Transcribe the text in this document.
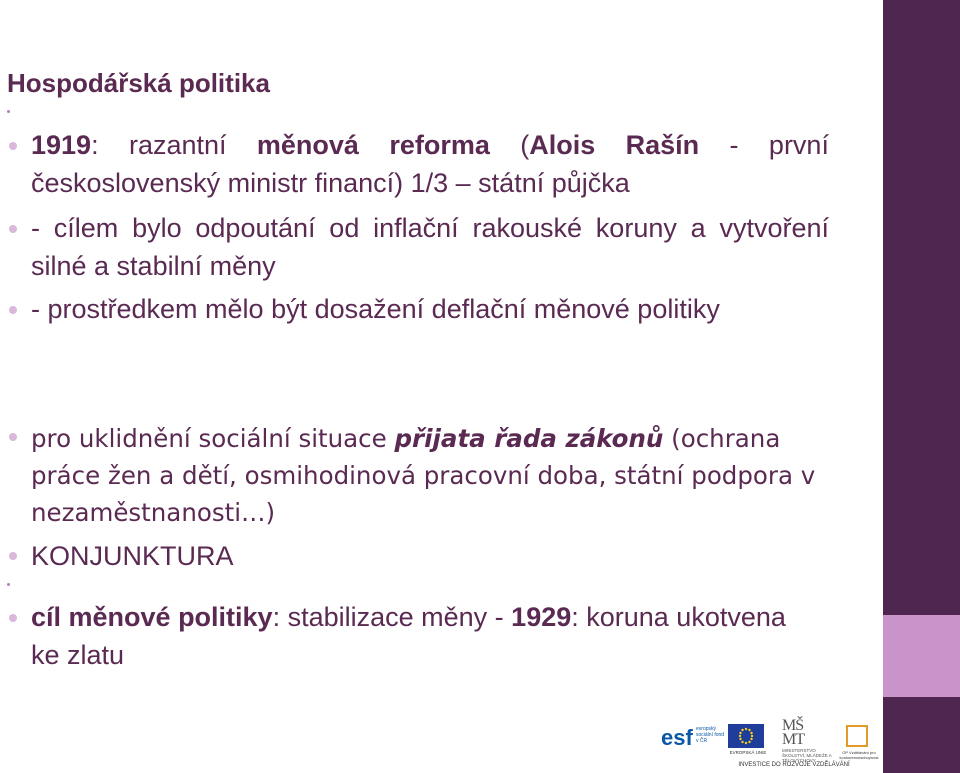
Hospodářská politika
1919: razantní měnová reforma (Alois Rašín - první československý ministr financí) 1/3 – státní půjčka
- cílem bylo odpoutání od inflační rakouské koruny a vytvoření silné a stabilní měny
- prostředkem mělo být dosažení deflační měnové politiky
pro uklidnění sociální situace přijata řada zákonů (ochrana práce žen a dětí, osmihodinová pracovní doba, státní podpora v nezaměstnanosti…)
KONJUNKTURA
cíl měnové politiky: stabilizace měny - 1929: koruna ukotvena ke zlatu
esf evropský sociální fond v ČR
EVROPSKÁ UNIE
MŠ MT
MINISTERSTVO ŠKOLSTVÍ, MLÁDEŽE A TĚLOVÝCHOVY
OP Vzdělávání pro konkurenceschopnost
INVESTICE DO ROZVOJE VZDĚLÁVÁNÍ
